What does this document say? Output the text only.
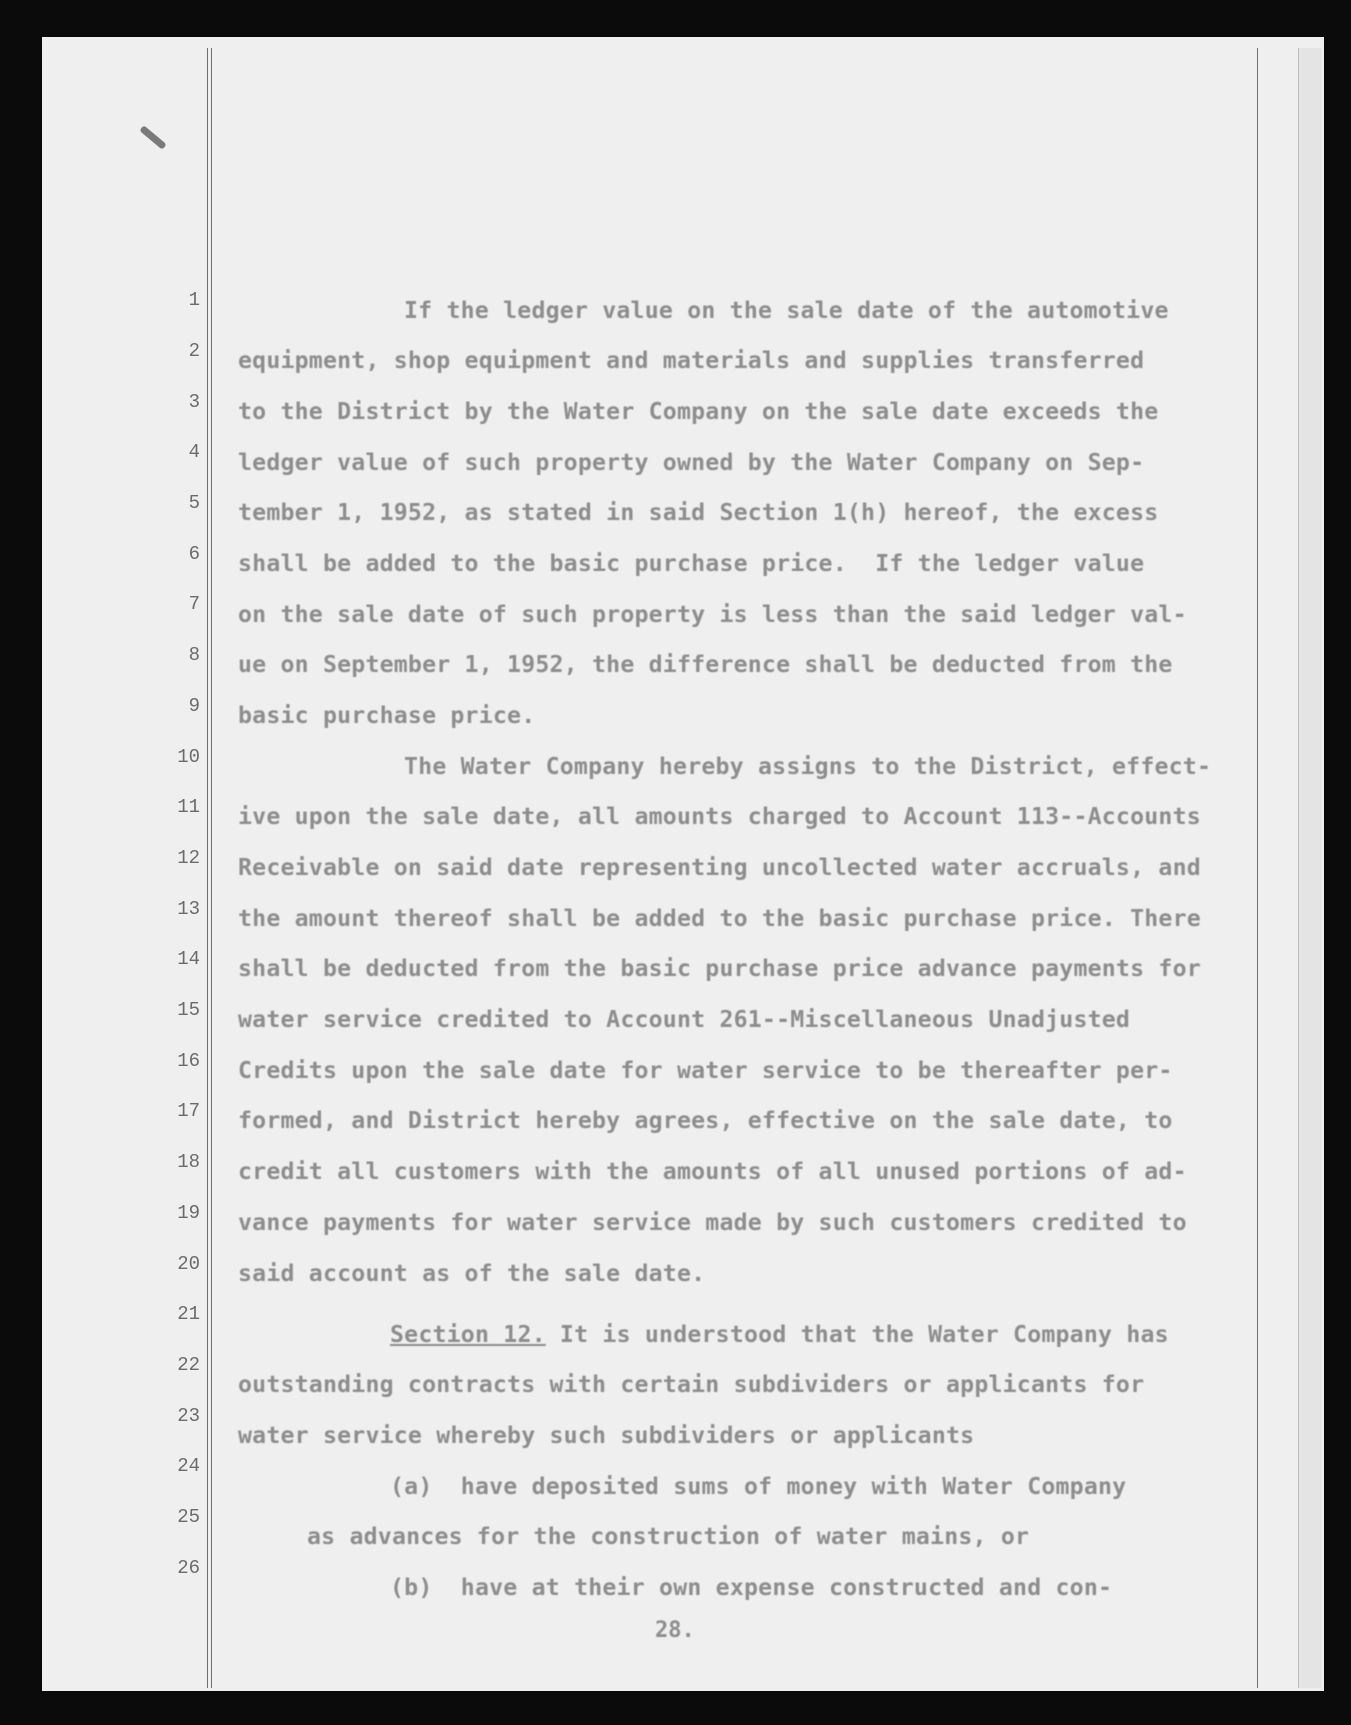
1
2
3
4
5
6
7
8
9
10
11
12
13
14
15
16
17
18
19
20
21
22
23
24
25
26
If the ledger value on the sale date of the automotive
equipment, shop equipment and materials and supplies transferred
to the District by the Water Company on the sale date exceeds the
ledger value of such property owned by the Water Company on Sep-
tember 1, 1952, as stated in said Section 1(h) hereof, the excess
shall be added to the basic purchase price.  If the ledger value
on the sale date of such property is less than the said ledger val-
ue on September 1, 1952, the difference shall be deducted from the
basic purchase price.
The Water Company hereby assigns to the District, effect-
ive upon the sale date, all amounts charged to Account 113--Accounts
Receivable on said date representing uncollected water accruals, and
the amount thereof shall be added to the basic purchase price. There
shall be deducted from the basic purchase price advance payments for
water service credited to Account 261--Miscellaneous Unadjusted
Credits upon the sale date for water service to be thereafter per-
formed, and District hereby agrees, effective on the sale date, to
credit all customers with the amounts of all unused portions of ad-
vance payments for water service made by such customers credited to
said account as of the sale date.
Section 12. It is understood that the Water Company has
outstanding contracts with certain subdividers or applicants for
water service whereby such subdividers or applicants
(a)  have deposited sums of money with Water Company
as advances for the construction of water mains, or
(b)  have at their own expense constructed and con-
28.
